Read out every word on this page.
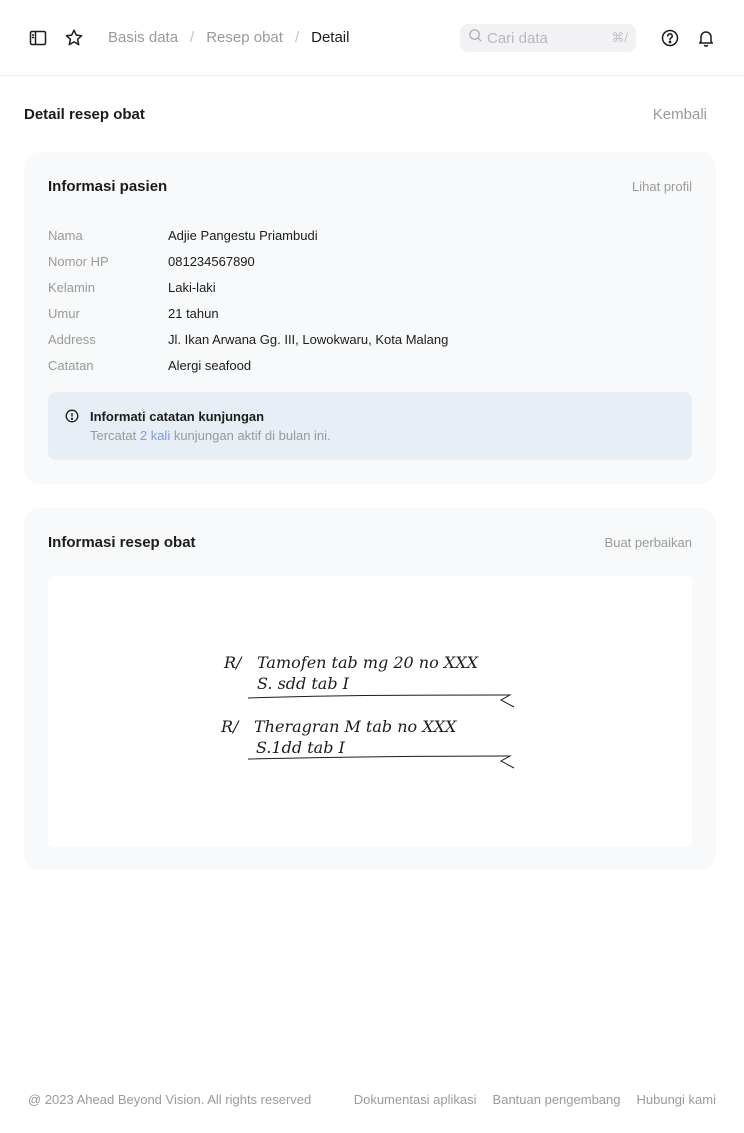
Basis data / Resep obat / Detail
Cari data	⌘/
Detail resep obat	Kembali
Informasi pasien	Lihat profil
Nama	Adjie Pangestu Priambudi
Nomor HP	081234567890
Kelamin	Laki-laki
Umur	21 tahun
Address	Jl. Ikan Arwana Gg. III, Lowokwaru, Kota Malang
Catatan	Alergi seafood
Informati catatan kunjungan
Tercatat 2 kali kunjungan aktif di bulan ini.
Informasi resep obat	Buat perbaikan
R/ Tamofen tab mg 20 no XXX
S. sdd tab I
R/ Theragran M tab no XXX
S.1dd tab I
@ 2023 Ahead Beyond Vision. All rights reserved	Dokumentasi aplikasi Bantuan pengembang Hubungi kami
